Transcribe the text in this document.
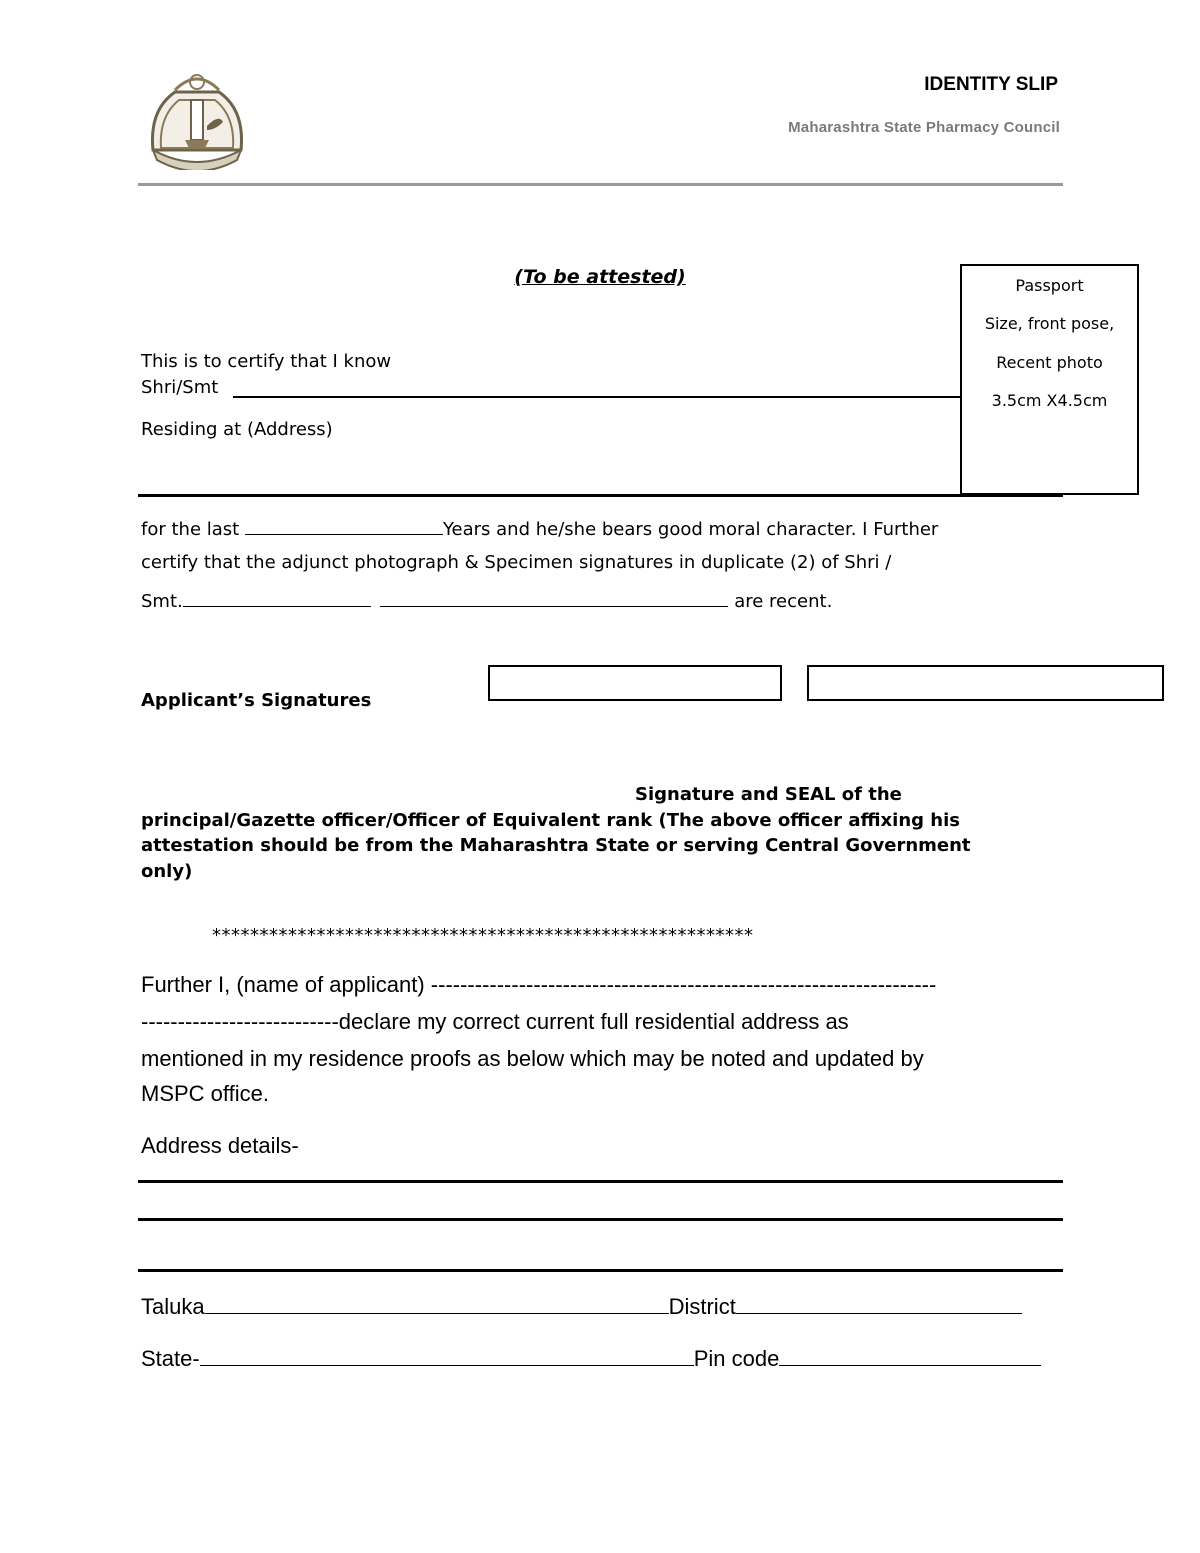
IDENTITY SLIP
Maharashtra State Pharmacy Council
(To be attested)	Passport
Size, front pose,
Recent photo
3.5cm X4.5cm
This is to certify that I know
Shri/Smt
Residing at (Address)
for the last	Years and he/she bears good moral character. I Further
certify that the adjunct photograph & Specimen signatures in duplicate (2) of Shri /
Smt.	are recent.
Applicant’s Signatures
Signature and SEAL of the
principal/Gazette officer/Officer of Equivalent rank (The above officer affixing his
attestation should be from the Maharashtra State or serving Central Government
only)
*********************************************************
Further I, (name of applicant) ---------------------------------------------------------------------
---------------------------declare my correct current full residential address as
mentioned in my residence proofs as below which may be noted and updated by
MSPC office.
Address details-
Taluka	District
State-	Pin code
